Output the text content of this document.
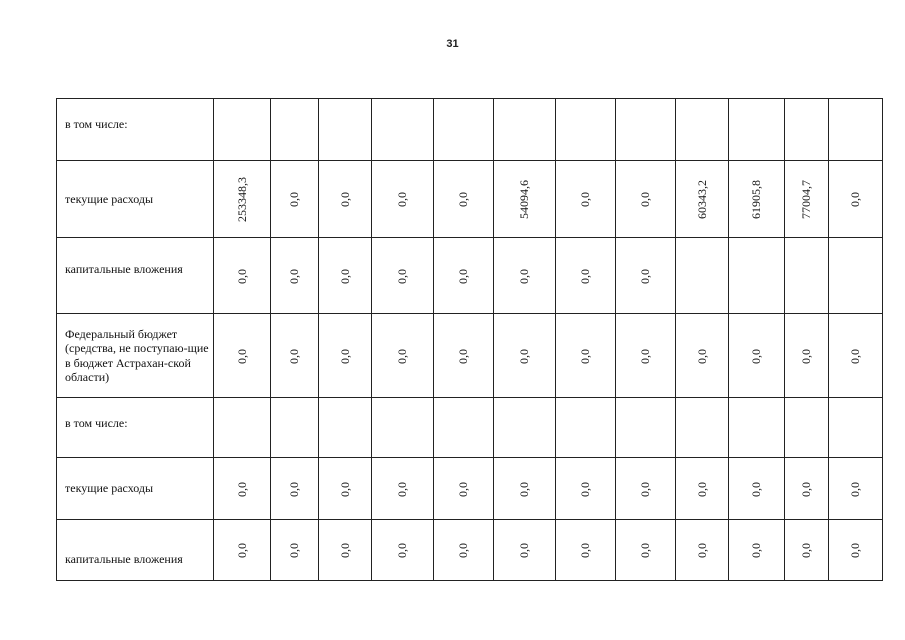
31
в том числе:												
текущие расходы	253348,3	0,0	0,0	0,0	0,0	54094,6	0,0	0,0	60343,2	61905,8	77004,7	0,0
капитальные вложения	0,0	0,0	0,0	0,0	0,0	0,0	0,0	0,0				
Федеральный бюджет (средства, не поступаю-щие в бюджет Астрахан-ской области)	0,0	0,0	0,0	0,0	0,0	0,0	0,0	0,0	0,0	0,0	0,0	0,0
в том числе:												
текущие расходы	0,0	0,0	0,0	0,0	0,0	0,0	0,0	0,0	0,0	0,0	0,0	0,0
капитальные вложения	0,0	0,0	0,0	0,0	0,0	0,0	0,0	0,0	0,0	0,0	0,0	0,0
